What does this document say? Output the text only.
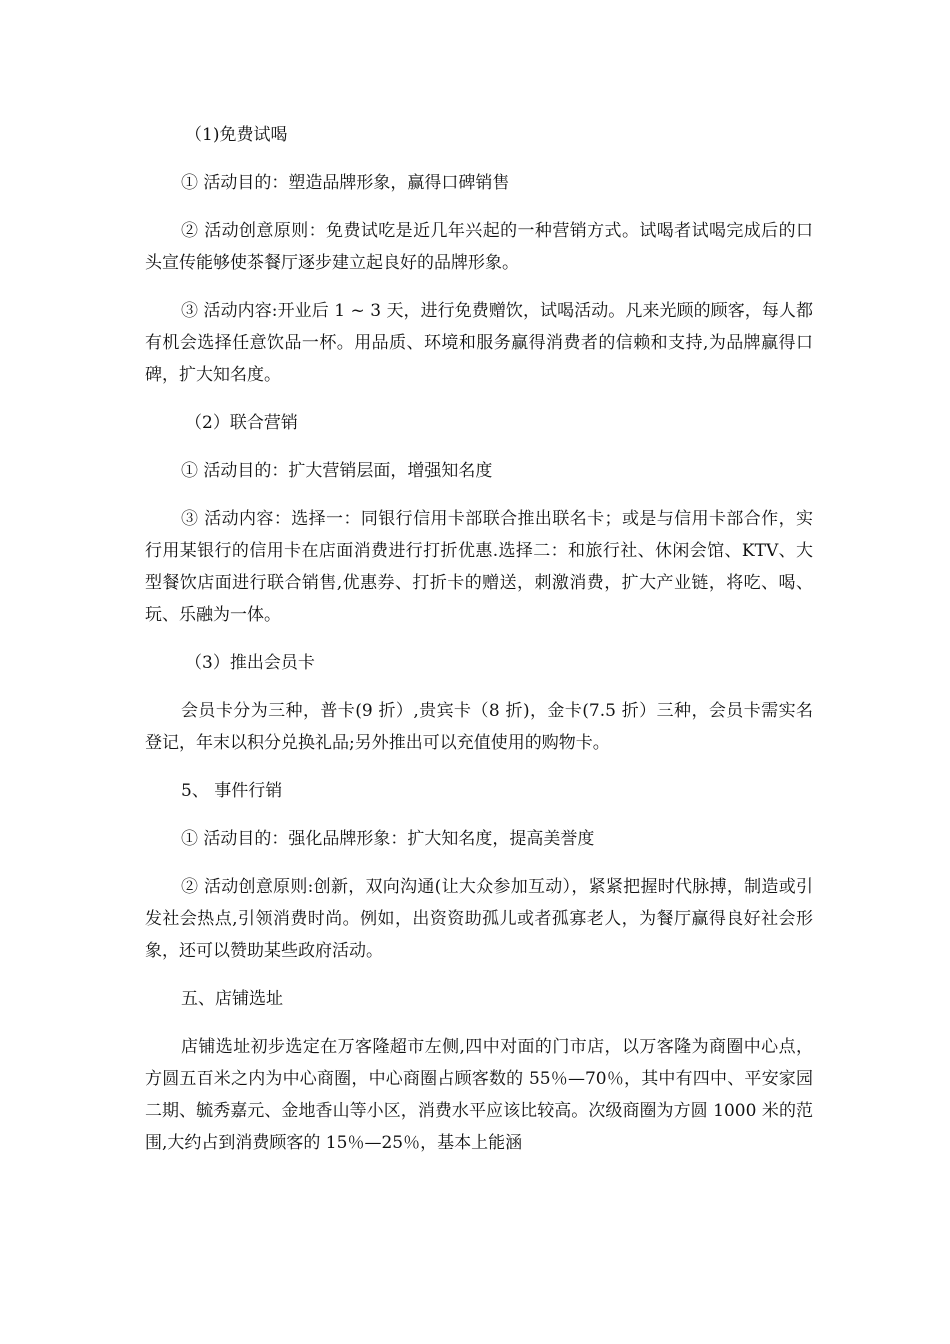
（1)免费试喝

① 活动目的：塑造品牌形象，赢得口碑销售

② 活动创意原则：免费试吃是近几年兴起的一种营销方式。试喝者试喝完成后的口头宣传能够使茶餐厅逐步建立起良好的品牌形象。

③ 活动内容:开业后 1 ~ 3 天，进行免费赠饮，试喝活动。凡来光顾的顾客，每人都有机会选择任意饮品一杯。用品质、环境和服务赢得消费者的信赖和支持,为品牌赢得口碑，扩大知名度。

（2）联合营销

① 活动目的：扩大营销层面，增强知名度

③ 活动内容：选择一：同银行信用卡部联合推出联名卡；或是与信用卡部合作，实行用某银行的信用卡在店面消费进行打折优惠.选择二：和旅行社、休闲会馆、KTV、大型餐饮店面进行联合销售,优惠券、打折卡的赠送，刺激消费，扩大产业链，将吃、喝、玩、乐融为一体。

（3）推出会员卡

会员卡分为三种，普卡(9 折）,贵宾卡（8 折)，金卡(7.5 折）三种，会员卡需实名登记，年末以积分兑换礼品;另外推出可以充值使用的购物卡。

5、 事件行销

① 活动目的：强化品牌形象：扩大知名度，提高美誉度

② 活动创意原则:创新，双向沟通(让大众参加互动），紧紧把握时代脉搏，制造或引发社会热点,引领消费时尚。例如，出资资助孤儿或者孤寡老人，为餐厅赢得良好社会形象，还可以赞助某些政府活动。

五、店铺选址

店铺选址初步选定在万客隆超市左侧,四中对面的门市店，以万客隆为商圈中心点，方圆五百米之内为中心商圈，中心商圈占顾客数的 55％—70％，其中有四中、平安家园二期、毓秀嘉元、金地香山等小区，消费水平应该比较高。次级商圈为方圆 1000 米的范围,大约占到消费顾客的 15％—25％，基本上能涵
